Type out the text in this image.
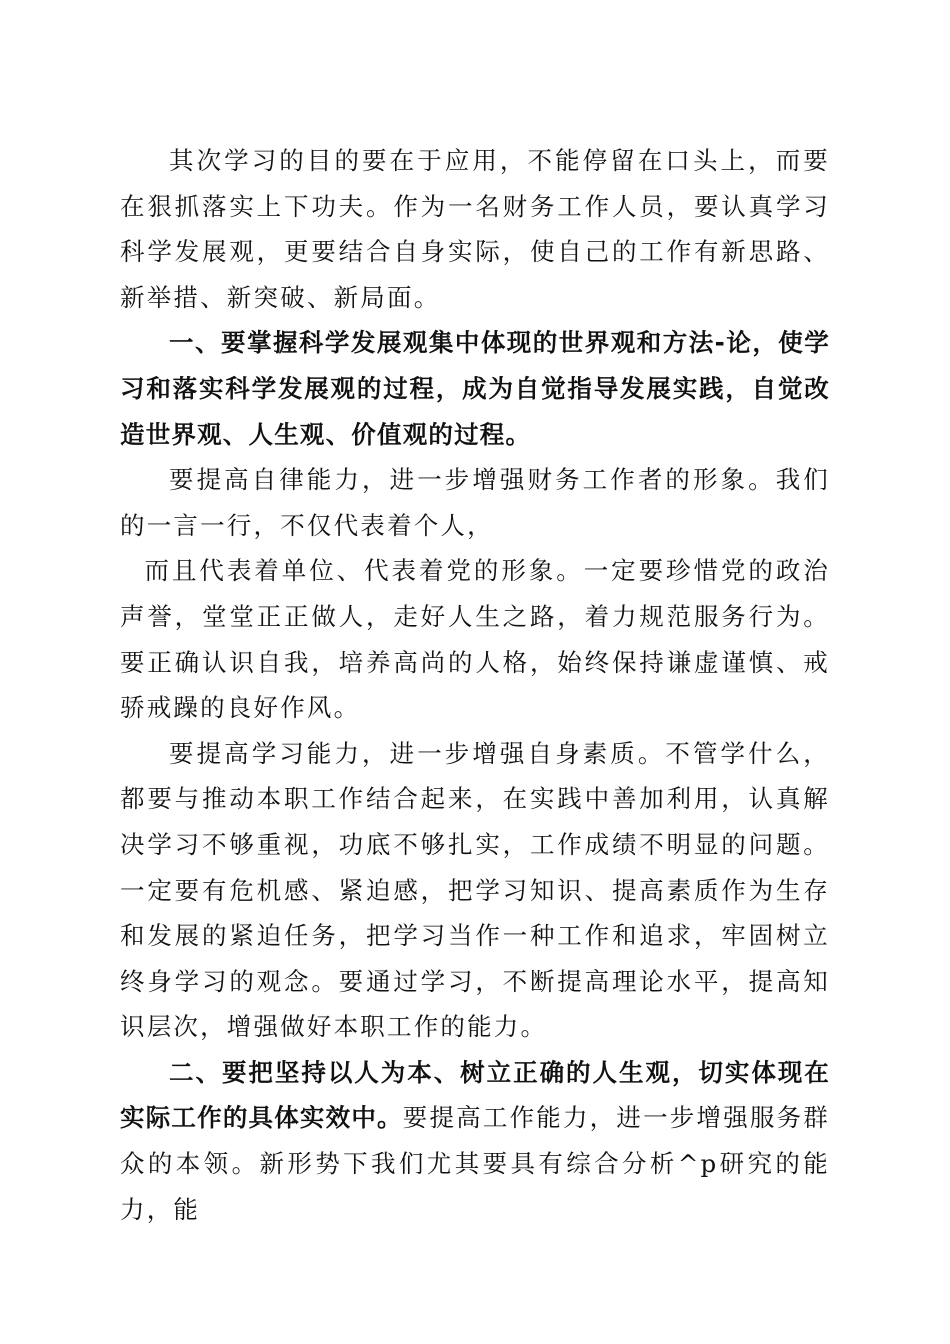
其次学习的目的要在于应用，不能停留在口头上，而要在狠抓落实上下功夫。作为一名财务工作人员，要认真学习科学发展观，更要结合自身实际，使自己的工作有新思路、新举措、新突破、新局面。

一、要掌握科学发展观集中体现的世界观和方法-论，使学习和落实科学发展观的过程，成为自觉指导发展实践，自觉改造世界观、人生观、价值观的过程。

要提高自律能力，进一步增强财务工作者的形象。我们的一言一行，不仅代表着个人，

而且代表着单位、代表着党的形象。一定要珍惜党的政治声誉，堂堂正正做人，走好人生之路，着力规范服务行为。要正确认识自我，培养高尚的人格，始终保持谦虚谨慎、戒骄戒躁的良好作风。

要提高学习能力，进一步增强自身素质。不管学什么，都要与推动本职工作结合起来，在实践中善加利用，认真解决学习不够重视，功底不够扎实，工作成绩不明显的问题。一定要有危机感、紧迫感，把学习知识、提高素质作为生存和发展的紧迫任务，把学习当作一种工作和追求，牢固树立终身学习的观念。要通过学习，不断提高理论水平，提高知识层次，增强做好本职工作的能力。

二、要把坚持以人为本、树立正确的人生观，切实体现在实际工作的具体实效中。要提高工作能力，进一步增强服务群众的本领。新形势下我们尤其要具有综合分析^p研究的能力，能
